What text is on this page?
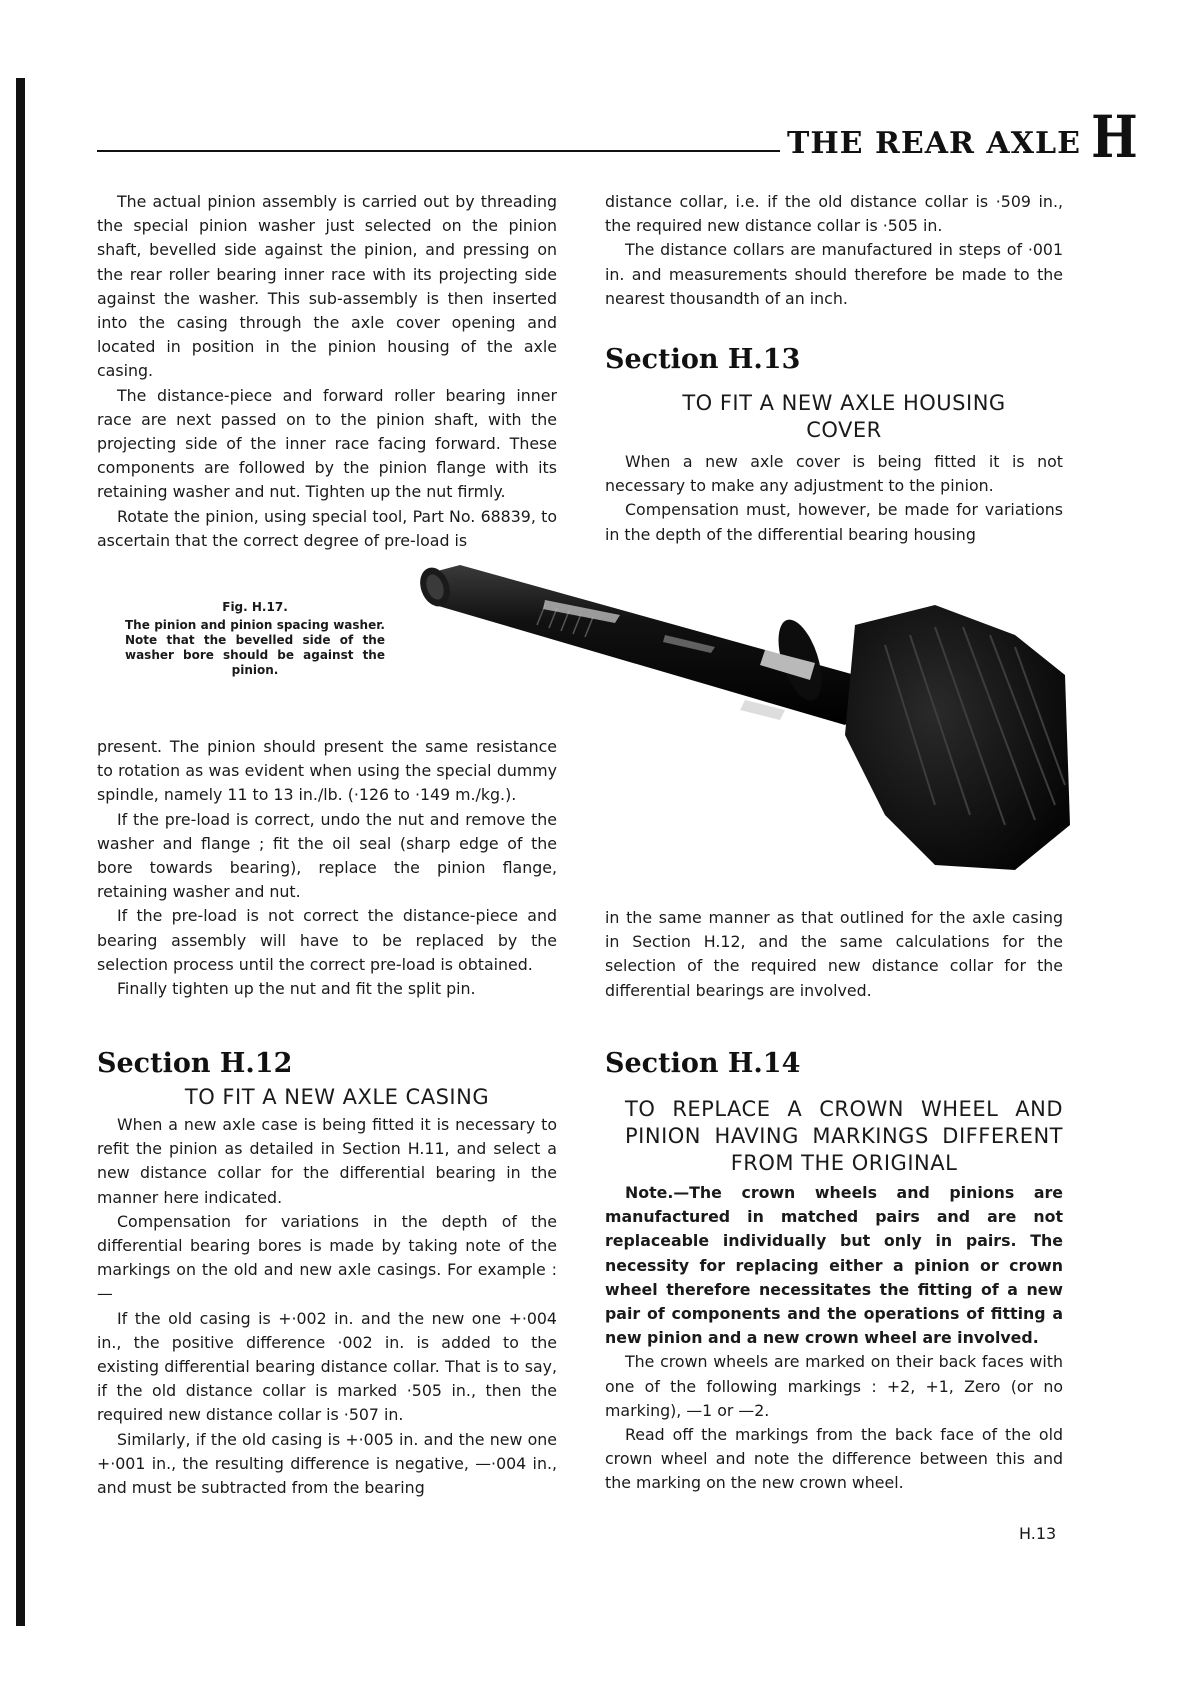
THE REAR AXLE H

The actual pinion assembly is carried out by threading the special pinion washer just selected on the pinion shaft, bevelled side against the pinion, and pressing on the rear roller bearing inner race with its projecting side against the washer. This sub-assembly is then inserted into the casing through the axle cover opening and located in position in the pinion housing of the axle casing.

The distance-piece and forward roller bearing inner race are next passed on to the pinion shaft, with the projecting side of the inner race facing forward. These components are followed by the pinion flange with its retaining washer and nut. Tighten up the nut firmly.

Rotate the pinion, using special tool, Part No. 68839, to ascertain that the correct degree of pre-load is

Fig. H.17.
The pinion and pinion spacing washer. Note that the bevelled side of the washer bore should be against the pinion.

present. The pinion should present the same resistance to rotation as was evident when using the special dummy spindle, namely 11 to 13 in./lb. (·126 to ·149 m./kg.).

If the pre-load is correct, undo the nut and remove the washer and flange ; fit the oil seal (sharp edge of the bore towards bearing), replace the pinion flange, retaining washer and nut.

If the pre-load is not correct the distance-piece and bearing assembly will have to be replaced by the selection process until the correct pre-load is obtained.

Finally tighten up the nut and fit the split pin.

Section H.12

TO FIT A NEW AXLE CASING

When a new axle case is being fitted it is necessary to refit the pinion as detailed in Section H.11, and select a new distance collar for the differential bearing in the manner here indicated.

Compensation for variations in the depth of the differential bearing bores is made by taking note of the markings on the old and new axle casings. For example :—

If the old casing is +·002 in. and the new one +·004 in., the positive difference ·002 in. is added to the existing differential bearing distance collar. That is to say, if the old distance collar is marked ·505 in., then the required new distance collar is ·507 in.

Similarly, if the old casing is +·005 in. and the new one +·001 in., the resulting difference is negative, —·004 in., and must be subtracted from the bearing

distance collar, i.e. if the old distance collar is ·509 in., the required new distance collar is ·505 in.

The distance collars are manufactured in steps of ·001 in. and measurements should therefore be made to the nearest thousandth of an inch.

Section H.13

TO FIT A NEW AXLE HOUSING

COVER

When a new axle cover is being fitted it is not necessary to make any adjustment to the pinion.

Compensation must, however, be made for variations in the depth of the differential bearing housing

in the same manner as that outlined for the axle casing in Section H.12, and the same calculations for the selection of the required new distance collar for the differential bearings are involved.

Section H.14

TO REPLACE A CROWN WHEEL AND

PINION HAVING MARKINGS DIFFERENT

FROM THE ORIGINAL

Note.—The crown wheels and pinions are manufactured in matched pairs and are not replaceable individually but only in pairs. The necessity for replacing either a pinion or crown wheel therefore necessitates the fitting of a new pair of components and the operations of fitting a new pinion and a new crown wheel are involved.

The crown wheels are marked on their back faces with one of the following markings : +2, +1, Zero (or no marking), —1 or —2.

Read off the markings from the back face of the old crown wheel and note the difference between this and the marking on the new crown wheel.

H.13
